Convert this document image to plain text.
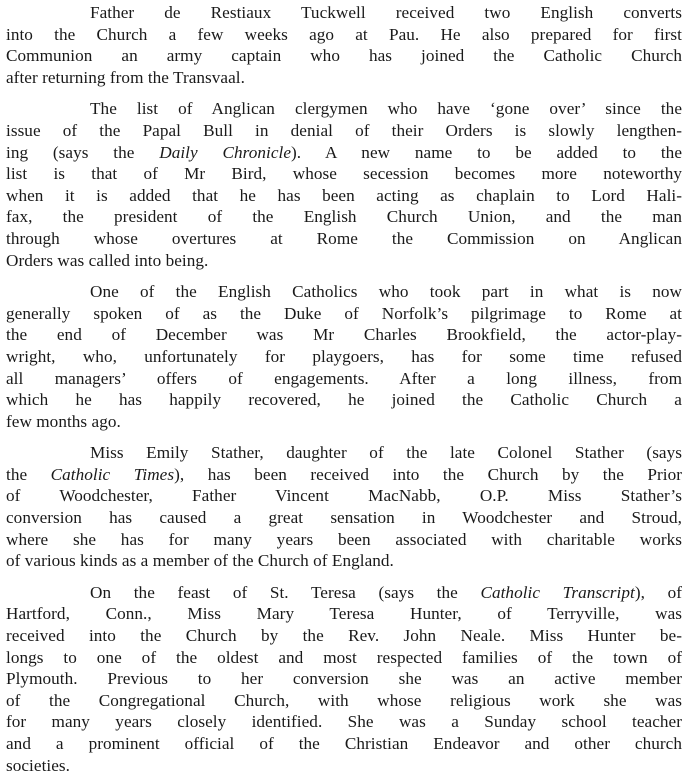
Father de Restiaux Tuckwell received two English converts
into the Church a few weeks ago at Pau. He also prepared for first
Communion an army captain who has joined the Catholic Church
after returning from the Transvaal.
The list of Anglican clergymen who have ‘gone over’ since the
issue of the Papal Bull in denial of their Orders is slowly lengthen-
ing (says the Daily Chronicle). A new name to be added to the
list is that of Mr Bird, whose secession becomes more noteworthy
when it is added that he has been acting as chaplain to Lord Hali-
fax, the president of the English Church Union, and the man
through whose overtures at Rome the Commission on Anglican
Orders was called into being.
One of the English Catholics who took part in what is now
generally spoken of as the Duke of Norfolk’s pilgrimage to Rome at
the end of December was Mr Charles Brookfield, the actor-play-
wright, who, unfortunately for playgoers, has for some time refused
all managers’ offers of engagements. After a long illness, from
which he has happily recovered, he joined the Catholic Church a
few months ago.
Miss Emily Stather, daughter of the late Colonel Stather (says
the Catholic Times), has been received into the Church by the Prior
of Woodchester, Father Vincent MacNabb, O.P. Miss Stather’s
conversion has caused a great sensation in Woodchester and Stroud,
where she has for many years been associated with charitable works
of various kinds as a member of the Church of England.
On the feast of St. Teresa (says the Catholic Transcript), of
Hartford, Conn., Miss Mary Teresa Hunter, of Terryville, was
received into the Church by the Rev. John Neale. Miss Hunter be-
longs to one of the oldest and most respected families of the town of
Plymouth. Previous to her conversion she was an active member
of the Congregational Church, with whose religious work she was
for many years closely identified. She was a Sunday school teacher
and a prominent official of the Christian Endeavor and other church
societies.
